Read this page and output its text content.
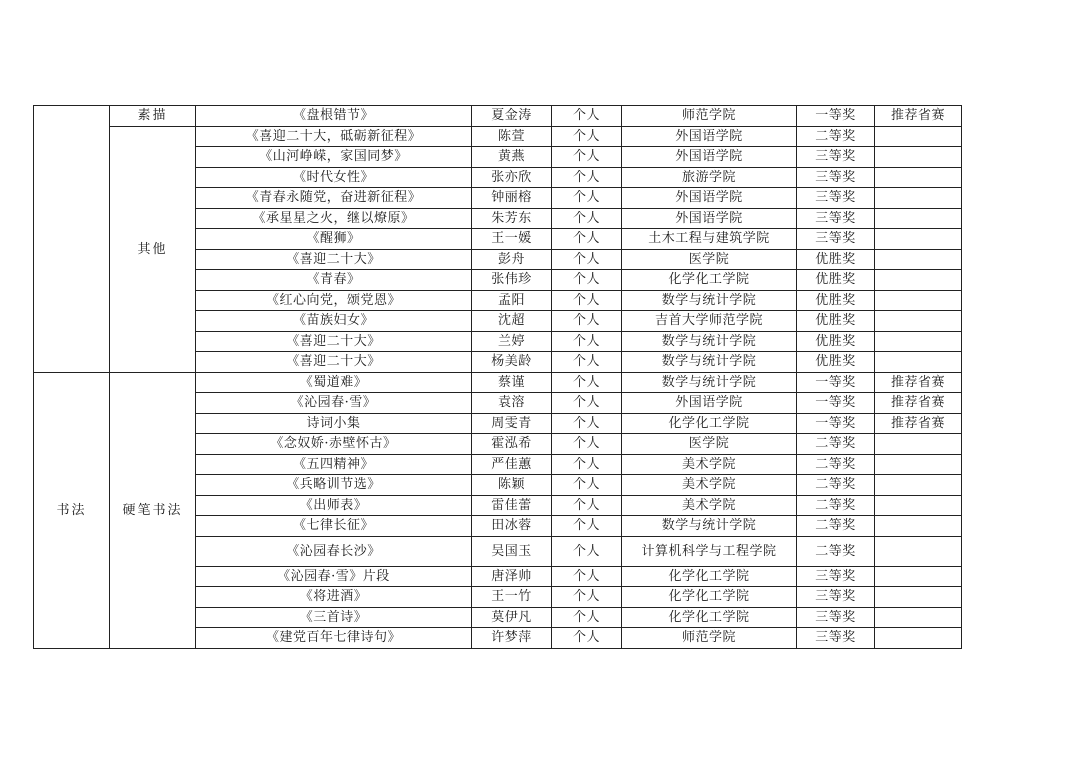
	素描	《盘根错节》	夏金涛	个人	师范学院	一等奖	推荐省赛
	其他	《喜迎二十大，砥砺新征程》	陈萱	个人	外国语学院	二等奖	
		《山河峥嵘，家国同梦》	黄燕	个人	外国语学院	三等奖	
		《时代女性》	张亦欣	个人	旅游学院	三等奖	
		《青春永随党，奋进新征程》	钟丽榕	个人	外国语学院	三等奖	
		《承星星之火，继以燎原》	朱芳东	个人	外国语学院	三等奖	
		《醒狮》	王一媛	个人	土木工程与建筑学院	三等奖	
		《喜迎二十大》	彭舟	个人	医学院	优胜奖	
		《青春》	张伟珍	个人	化学化工学院	优胜奖	
		《红心向党，颂党恩》	孟阳	个人	数学与统计学院	优胜奖	
		《苗族妇女》	沈超	个人	吉首大学师范学院	优胜奖	
		《喜迎二十大》	兰婷	个人	数学与统计学院	优胜奖	
		《喜迎二十大》	杨美龄	个人	数学与统计学院	优胜奖	
书法	硬笔书法	《蜀道难》	蔡谨	个人	数学与统计学院	一等奖	推荐省赛
		《沁园春·雪》	袁溶	个人	外国语学院	一等奖	推荐省赛
		诗词小集	周雯青	个人	化学化工学院	一等奖	推荐省赛
		《念奴娇·赤壁怀古》	霍泓希	个人	医学院	二等奖	
		《五四精神》	严佳蕙	个人	美术学院	二等奖	
		《兵略训节选》	陈颖	个人	美术学院	二等奖	
		《出师表》	雷佳蕾	个人	美术学院	二等奖	
		《七律长征》	田冰蓉	个人	数学与统计学院	二等奖	
		《沁园春长沙》	吴国玉	个人	计算机科学与工程学院	二等奖	
		《沁园春·雪》片段	唐泽帅	个人	化学化工学院	三等奖	
		《将进酒》	王一竹	个人	化学化工学院	三等奖	
		《三首诗》	莫伊凡	个人	化学化工学院	三等奖	
		《建党百年七律诗句》	许梦萍	个人	师范学院	三等奖	
